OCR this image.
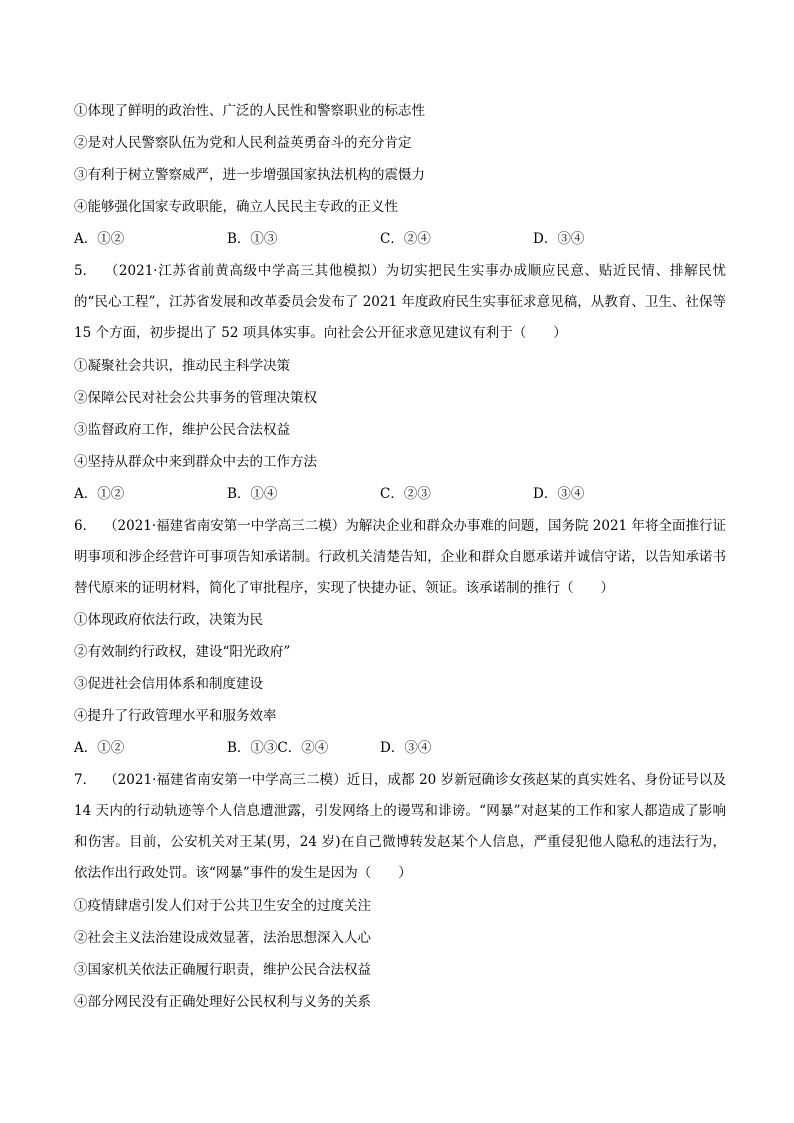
①体现了鲜明的政治性、广泛的人民性和警察职业的标志性
②是对人民警察队伍为党和人民利益英勇奋斗的充分肯定
③有利于树立警察威严，进一步增强国家执法机构的震慑力
④能够强化国家专政职能，确立人民民主专政的正义性
A．①②	B．①③	C．②④	D．③④
5． （2021·江苏省前黄高级中学高三其他模拟）为切实把民生实事办成顺应民意、贴近民情、排解民忧的“民心工程”，江苏省发展和改革委员会发布了 2021 年度政府民生实事征求意见稿，从教育、卫生、社保等 15 个方面，初步提出了 52 项具体实事。向社会公开征求意见建议有利于（　　）
①凝聚社会共识，推动民主科学决策
②保障公民对社会公共事务的管理决策权
③监督政府工作，维护公民合法权益
④坚持从群众中来到群众中去的工作方法
A．①②	B．①④	C．②③	D．③④
6． （2021·福建省南安第一中学高三二模）为解决企业和群众办事难的问题，国务院 2021 年将全面推行证明事项和涉企经营许可事项告知承诺制。行政机关清楚告知，企业和群众自愿承诺并诚信守诺，以告知承诺书替代原来的证明材料，简化了审批程序，实现了快捷办证、领证。该承诺制的推行（　　）
①体现政府依法行政，决策为民
②有效制约行政权，建设“阳光政府”
③促进社会信用体系和制度建设
④提升了行政管理水平和服务效率
A．①②	B．①③C．②④	D．③④
7． （2021·福建省南安第一中学高三二模）近日，成都 20 岁新冠确诊女孩赵某的真实姓名、身份证号以及 14 天内的行动轨迹等个人信息遭泄露，引发网络上的谩骂和诽谤。“网暴”对赵某的工作和家人都造成了影响和伤害。目前，公安机关对王某(男，24 岁)在自己微博转发赵某个人信息，严重侵犯他人隐私的违法行为，依法作出行政处罚。该“网暴”事件的发生是因为（　　）
①疫情肆虐引发人们对于公共卫生安全的过度关注
②社会主义法治建设成效显著，法治思想深入人心
③国家机关依法正确履行职责，维护公民合法权益
④部分网民没有正确处理好公民权利与义务的关系
